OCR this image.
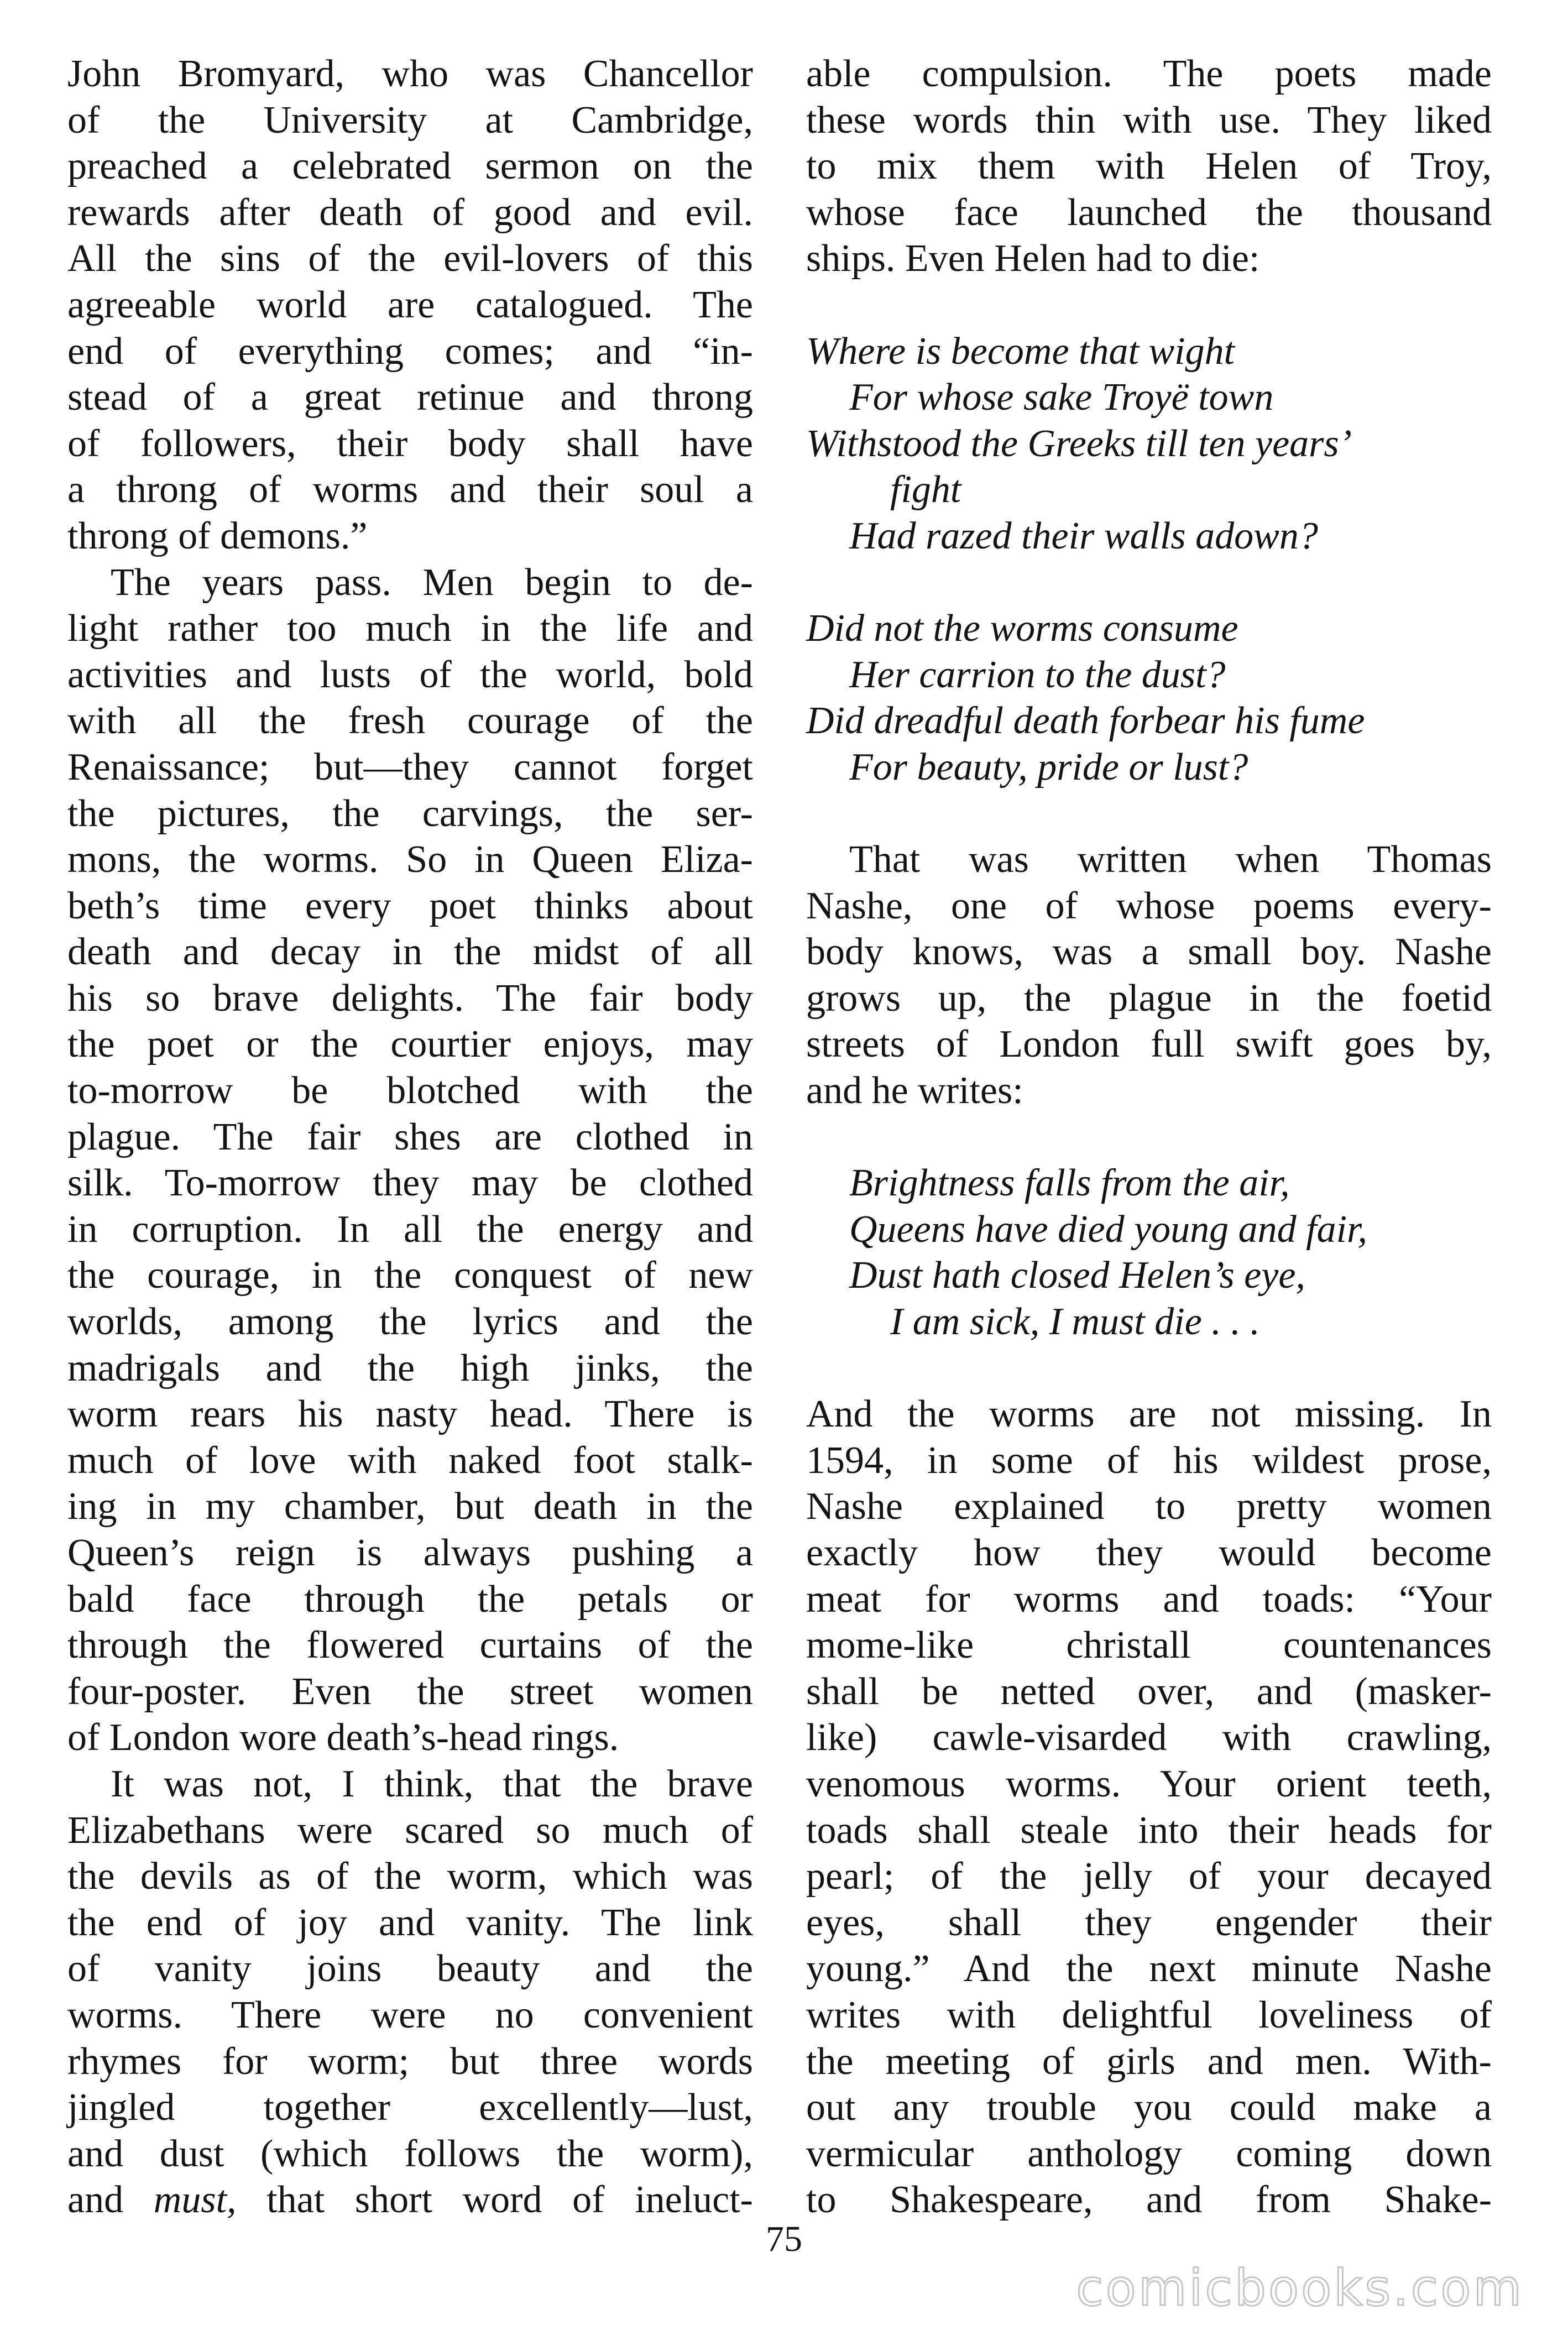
John Bromyard, who was Chancellor
of the University at Cambridge,
preached a celebrated sermon on the
rewards after death of good and evil.
All the sins of the evil-lovers of this
agreeable world are catalogued. The
end of everything comes; and “in-
stead of a great retinue and throng
of followers, their body shall have
a throng of worms and their soul a
throng of demons.”
The years pass. Men begin to de-
light rather too much in the life and
activities and lusts of the world, bold
with all the fresh courage of the
Renaissance; but—they cannot forget
the pictures, the carvings, the ser-
mons, the worms. So in Queen Eliza-
beth’s time every poet thinks about
death and decay in the midst of all
his so brave delights. The fair body
the poet or the courtier enjoys, may
to-morrow be blotched with the
plague. The fair shes are clothed in
silk. To-morrow they may be clothed
in corruption. In all the energy and
the courage, in the conquest of new
worlds, among the lyrics and the
madrigals and the high jinks, the
worm rears his nasty head. There is
much of love with naked foot stalk-
ing in my chamber, but death in the
Queen’s reign is always pushing a
bald face through the petals or
through the flowered curtains of the
four-poster. Even the street women
of London wore death’s-head rings.
It was not, I think, that the brave
Elizabethans were scared so much of
the devils as of the worm, which was
the end of joy and vanity. The link
of vanity joins beauty and the
worms. There were no convenient
rhymes for worm; but three words
jingled together excellently—lust,
and dust (which follows the worm),
and must, that short word of ineluct-
able compulsion. The poets made
these words thin with use. They liked
to mix them with Helen of Troy,
whose face launched the thousand
ships. Even Helen had to die:
Where is become that wight
For whose sake Troyë town
Withstood the Greeks till ten years’
fight
Had razed their walls adown?
Did not the worms consume
Her carrion to the dust?
Did dreadful death forbear his fume
For beauty, pride or lust?
That was written when Thomas
Nashe, one of whose poems every-
body knows, was a small boy. Nashe
grows up, the plague in the foetid
streets of London full swift goes by,
and he writes:
Brightness falls from the air,
Queens have died young and fair,
Dust hath closed Helen’s eye,
I am sick, I must die . . .
And the worms are not missing. In
1594, in some of his wildest prose,
Nashe explained to pretty women
exactly how they would become
meat for worms and toads: “Your
mome-like christall countenances
shall be netted over, and (masker-
like) cawle-visarded with crawling,
venomous worms. Your orient teeth,
toads shall steale into their heads for
pearl; of the jelly of your decayed
eyes, shall they engender their
young.” And the next minute Nashe
writes with delightful loveliness of
the meeting of girls and men. With-
out any trouble you could make a
vermicular anthology coming down
to Shakespeare, and from Shake-
75
comicbooks.com
